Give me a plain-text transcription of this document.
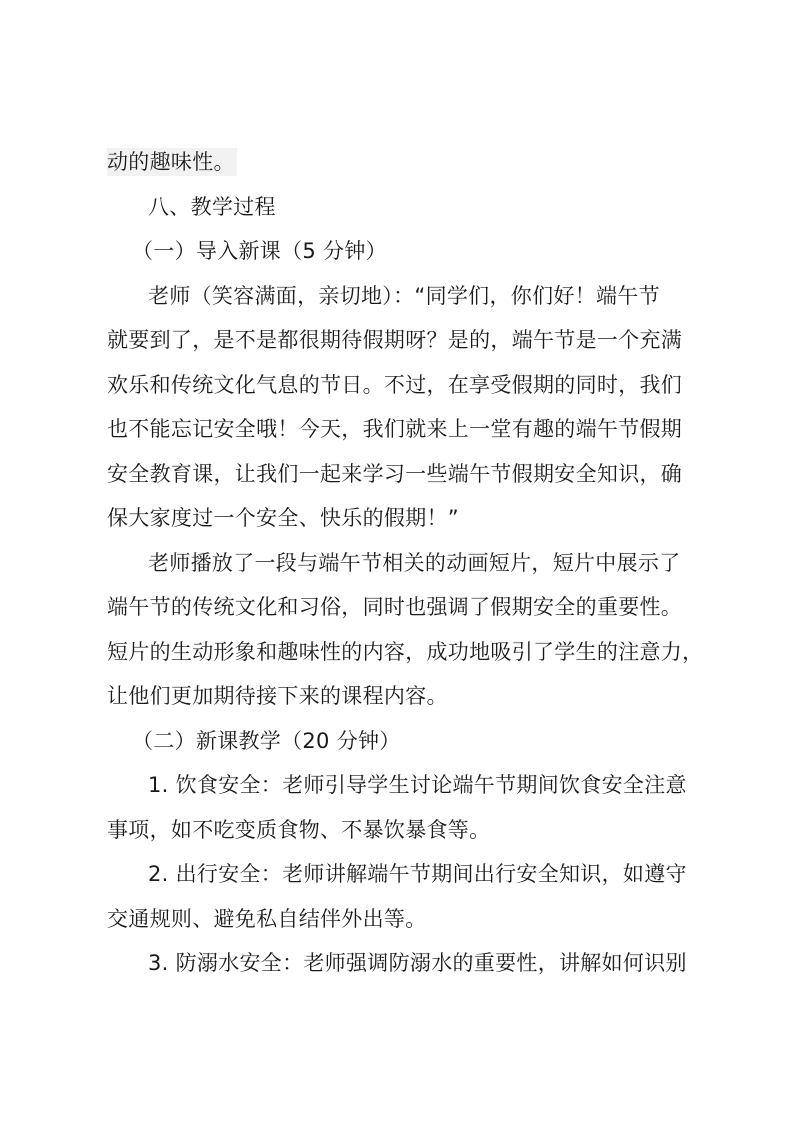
动的趣味性。
八、教学过程
（一）导入新课（5 分钟）
老师（笑容满面，亲切地）：“同学们，你们好！端午节
就要到了，是不是都很期待假期呀？是的，端午节是一个充满
欢乐和传统文化气息的节日。不过，在享受假期的同时，我们
也不能忘记安全哦！今天，我们就来上一堂有趣的端午节假期
安全教育课，让我们一起来学习一些端午节假期安全知识，确
保大家度过一个安全、快乐的假期！”
老师播放了一段与端午节相关的动画短片，短片中展示了
端午节的传统文化和习俗，同时也强调了假期安全的重要性。
短片的生动形象和趣味性的内容，成功地吸引了学生的注意力，
让他们更加期待接下来的课程内容。
（二）新课教学（20 分钟）
1. 饮食安全：老师引导学生讨论端午节期间饮食安全注意
事项，如不吃变质食物、不暴饮暴食等。
2. 出行安全：老师讲解端午节期间出行安全知识，如遵守
交通规则、避免私自结伴外出等。
3. 防溺水安全：老师强调防溺水的重要性，讲解如何识别
